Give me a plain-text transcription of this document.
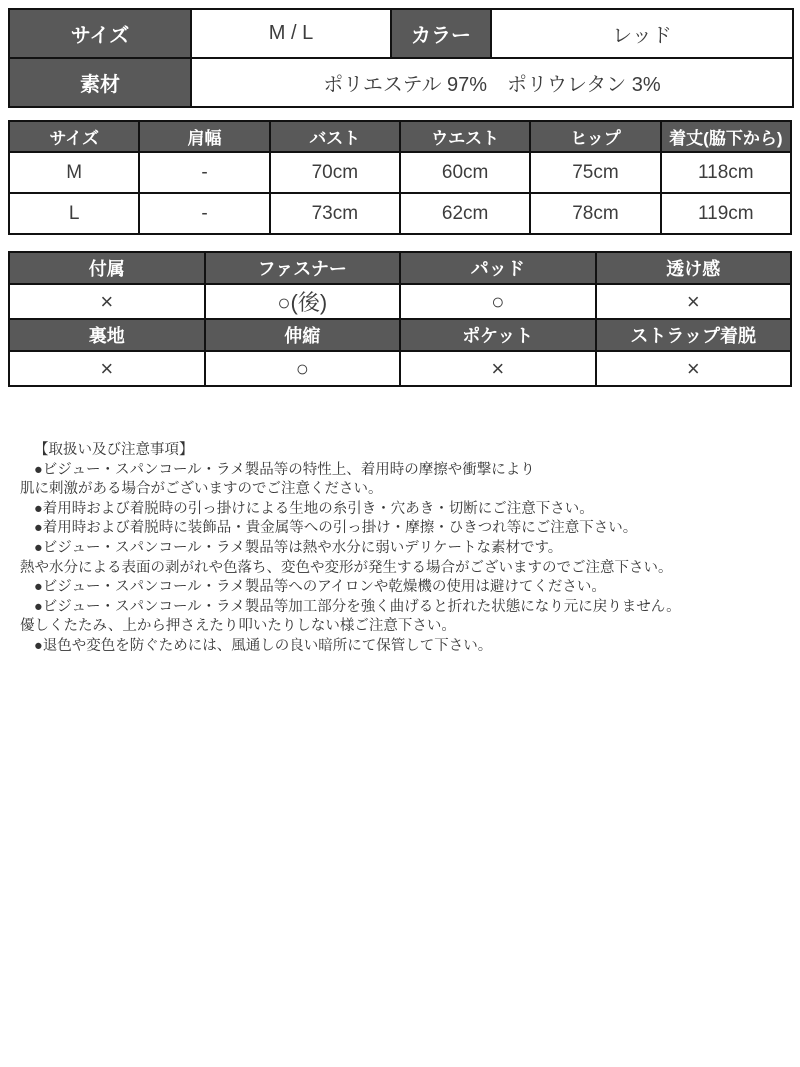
サイズ	M / L	カラー	レッド
素材	ポリエステル 97%　ポリウレタン 3%		
サイズ	肩幅	バスト	ウエスト	ヒップ	着丈(脇下から)
M	-	70cm	60cm	75cm	118cm
L	-	73cm	62cm	78cm	119cm
付属	ファスナー	パッド	透け感
×	○(後)	○	×
裏地	伸縮	ポケット	ストラップ着脱
×	○	×	×
【取扱い及び注意事項】
●ビジュー・スパンコール・ラメ製品等の特性上、着用時の摩擦や衝撃により
肌に刺激がある場合がございますのでご注意ください。
●着用時および着脱時の引っ掛けによる生地の糸引き・穴あき・切断にご注意下さい。
●着用時および着脱時に装飾品・貴金属等への引っ掛け・摩擦・ひきつれ等にご注意下さい。
●ビジュー・スパンコール・ラメ製品等は熱や水分に弱いデリケートな素材です。
熱や水分による表面の剥がれや色落ち、変色や変形が発生する場合がございますのでご注意下さい。
●ビジュー・スパンコール・ラメ製品等へのアイロンや乾燥機の使用は避けてください。
●ビジュー・スパンコール・ラメ製品等加工部分を強く曲げると折れた状態になり元に戻りません。
優しくたたみ、上から押さえたり叩いたりしない様ご注意下さい。
●退色や変色を防ぐためには、風通しの良い暗所にて保管して下さい。
